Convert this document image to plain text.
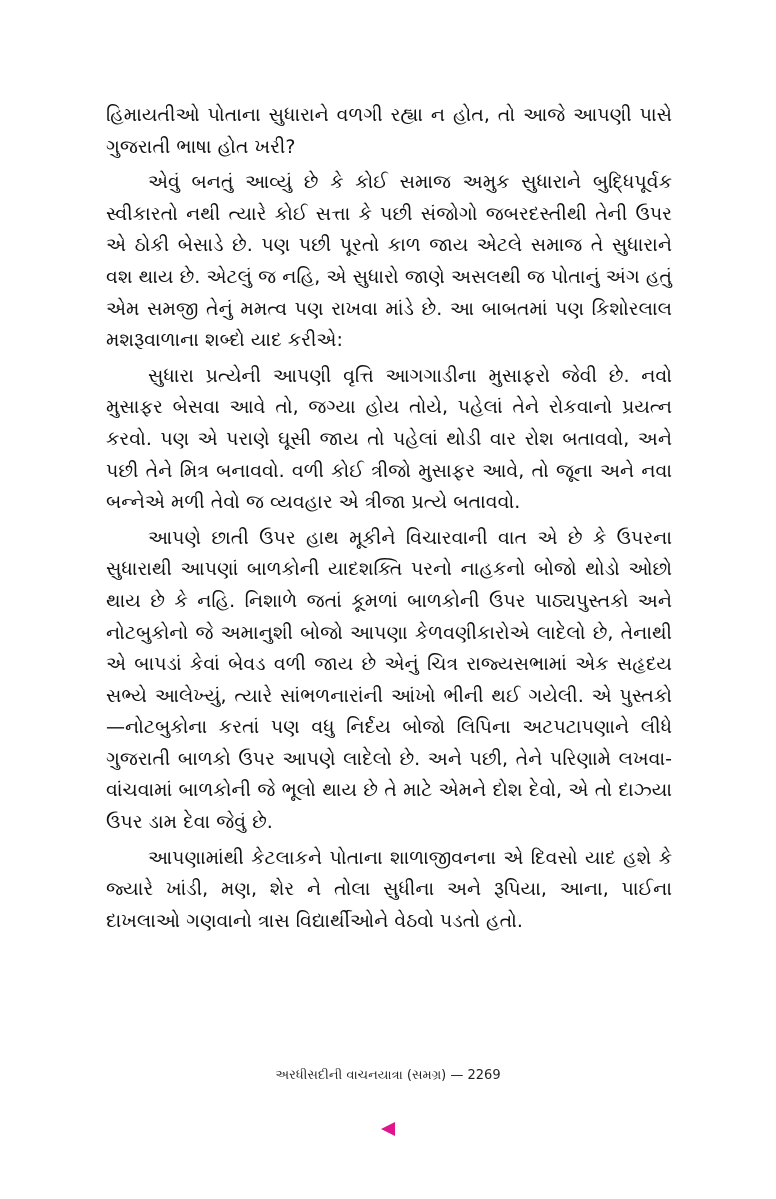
હિમાયતીઓ પોતાના સુધારાને વળગી રહ્યા ન હોત, તો આજે આપણી પાસે ગુજરાતી ભાષા હોત ખરી?

એવું બનતું આવ્યું છે કે કોઈ સમાજ અમુક સુધારાને બુદ્ધિપૂર્વક સ્વીકારતો નથી ત્યારે કોઈ સત્તા કે પછી સંજોગો જબરદસ્તીથી તેની ઉપર એ ઠોકી બેસાડે છે. પણ પછી પૂરતો કાળ જાય એટલે સમાજ તે સુધારાને વશ થાય છે. એટલું જ નહિ, એ સુધારો જાણે અસલથી જ પોતાનું અંગ હતું એમ સમજી તેનું મમત્વ પણ રાખવા માંડે છે. આ બાબતમાં પણ કિશોરલાલ મશરૂવાળાના શબ્દો યાદ કરીએ:

સુધારા પ્રત્યેની આપણી વૃત્તિ આગગાડીના મુસાફરો જેવી છે. નવો મુસાફર બેસવા આવે તો, જગ્યા હોય તોયે, પહેલાં તેને રોકવાનો પ્રયત્ન કરવો. પણ એ પરાણે ઘૂસી જાય તો પહેલાં થોડી વાર રોશ બતાવવો, અને પછી તેને મિત્ર બનાવવો. વળી કોઈ ત્રીજો મુસાફર આવે, તો જૂના અને નવા બન્નેએ મળી તેવો જ વ્યવહાર એ ત્રીજા પ્રત્યે બતાવવો.

આપણે છાતી ઉપર હાથ મૂકીને વિચારવાની વાત એ છે કે ઉપરના સુધારાથી આપણાં બાળકોની યાદશક્તિ પરનો નાહકનો બોજો થોડો ઓછો થાય છે કે નહિ. નિશાળે જતાં કૂમળાં બાળકોની ઉપર પાઠ્યપુસ્તકો અને નોટબુકોનો જે અમાનુશી બોજો આપણા કેળવણીકારોએ લાદેલો છે, તેનાથી એ બાપડાં કેવાં બેવડ વળી જાય છે એનું ચિત્ર રાજ્યસભામાં એક સહૃદય સભ્યે આલેખ્યું, ત્યારે સાંભળનારાંની આંખો ભીની થઈ ગયેલી. એ પુસ્તકો—નોટબુકોના કરતાં પણ વધુ નિર્દય બોજો લિપિના અટપટાપણાને લીધે ગુજરાતી બાળકો ઉપર આપણે લાદેલો છે. અને પછી, તેને પરિણામે લખવા-વાંચવામાં બાળકોની જે ભૂલો થાય છે તે માટે એમને દોશ દેવો, એ તો દાઝ્યા ઉપર ડામ દેવા જેવું છે.

આપણામાંથી કેટલાકને પોતાના શાળાજીવનના એ દિવસો યાદ હશે કે જ્યારે ખાંડી, મણ, શેર ને તોલા સુધીના અને રૂપિયા, આના, પાઈના દાખલાઓ ગણવાનો ત્રાસ વિદ્યાર્થીઓને વેઠવો પડતો હતો.

અરધીસદીની વાચનયાત્રા (સમગ્ર) — 2269
